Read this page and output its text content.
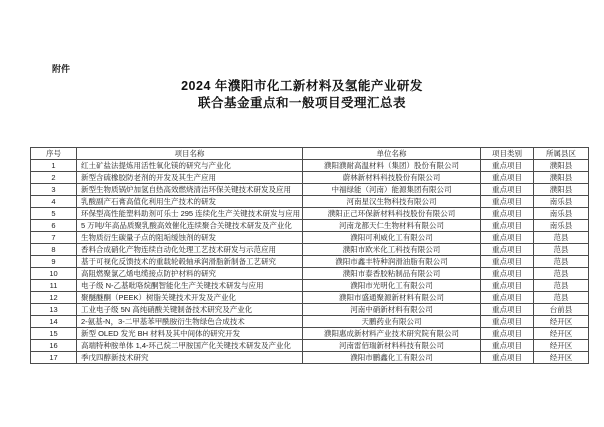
附件
2024 年濮阳市化工新材料及氢能产业研发
联合基金重点和一般项目受理汇总表
序号	项目名称	单位名称	项目类别	所属县区
1	红土矿盐法提炼用活性氧化镁的研究与产业化	濮阳濮耐高温材料（集团）股份有限公司	重点项目	濮阳县
2	新型含硫橡胶防老剂的开发及其生产应用	蔚林新材料科技股份有限公司	重点项目	濮阳县
3	新型生物质锅炉加氢自热高效燃烧清洁环保关键技术研发及应用	中福绿能（河南）能源集团有限公司	重点项目	濮阳县
4	乳酸副产石膏高值化利用生产技术的研发	河南星汉生物科技有限公司	重点项目	南乐县
5	环保型高性能塑料助剂可乐士 295 连续化生产关键技术研发与应用	濮阳正己环保新材料科技股份有限公司	重点项目	南乐县
6	5 万吨/年高品质聚乳酸高效催化连续聚合关键技术研发及产业化	河南龙都天仁生物材料有限公司	重点项目	南乐县
7	生物质衍生碳量子点的阻垢缓蚀剂的研发	濮阳可利威化工有限公司	重点项目	范县
8	香料合成硝化产物连续自动化处理工艺技术研发与示范应用	濮阳市欧米化工科技有限公司	重点项目	范县
9	基于可视化反馈技术的重载轮毂轴承润滑脂新制备工艺研究	濮阳市鑫丰特种润滑油脂有限公司	重点项目	范县
10	高阻燃聚氯乙烯电缆接点防护材料的研究	濮阳市泰香胶粘制品有限公司	重点项目	范县
11	电子级 N-乙基吡咯烷酮智能化生产关键技术研发与应用	濮阳市光明化工有限公司	重点项目	范县
12	聚醚醚酮（PEEK）树脂关键技术开发及产业化	濮阳市盛通聚源新材料有限公司	重点项目	范县
13	工业电子级 5N 高纯硝酸关键制备技术研究及产业化	河南中硝新材料有限公司	重点项目	台前县
14	2-氨基-N，3-二甲基苯甲酰胺衍生物绿色合成技术	天鹏药业有限公司	重点项目	经开区
15	新型 OLED 发光 BH 材料及其中间体的研究开发	濮阳惠成新材料产业技术研究院有限公司	重点项目	经开区
16	高端特种胺单体 1,4-环己烷二甲胺国产化关键技术研发及产业化	河南雷佰瑞新材料科技有限公司	重点项目	经开区
17	季戊四醇新技术研究	濮阳市鹏鑫化工有限公司	重点项目	经开区
